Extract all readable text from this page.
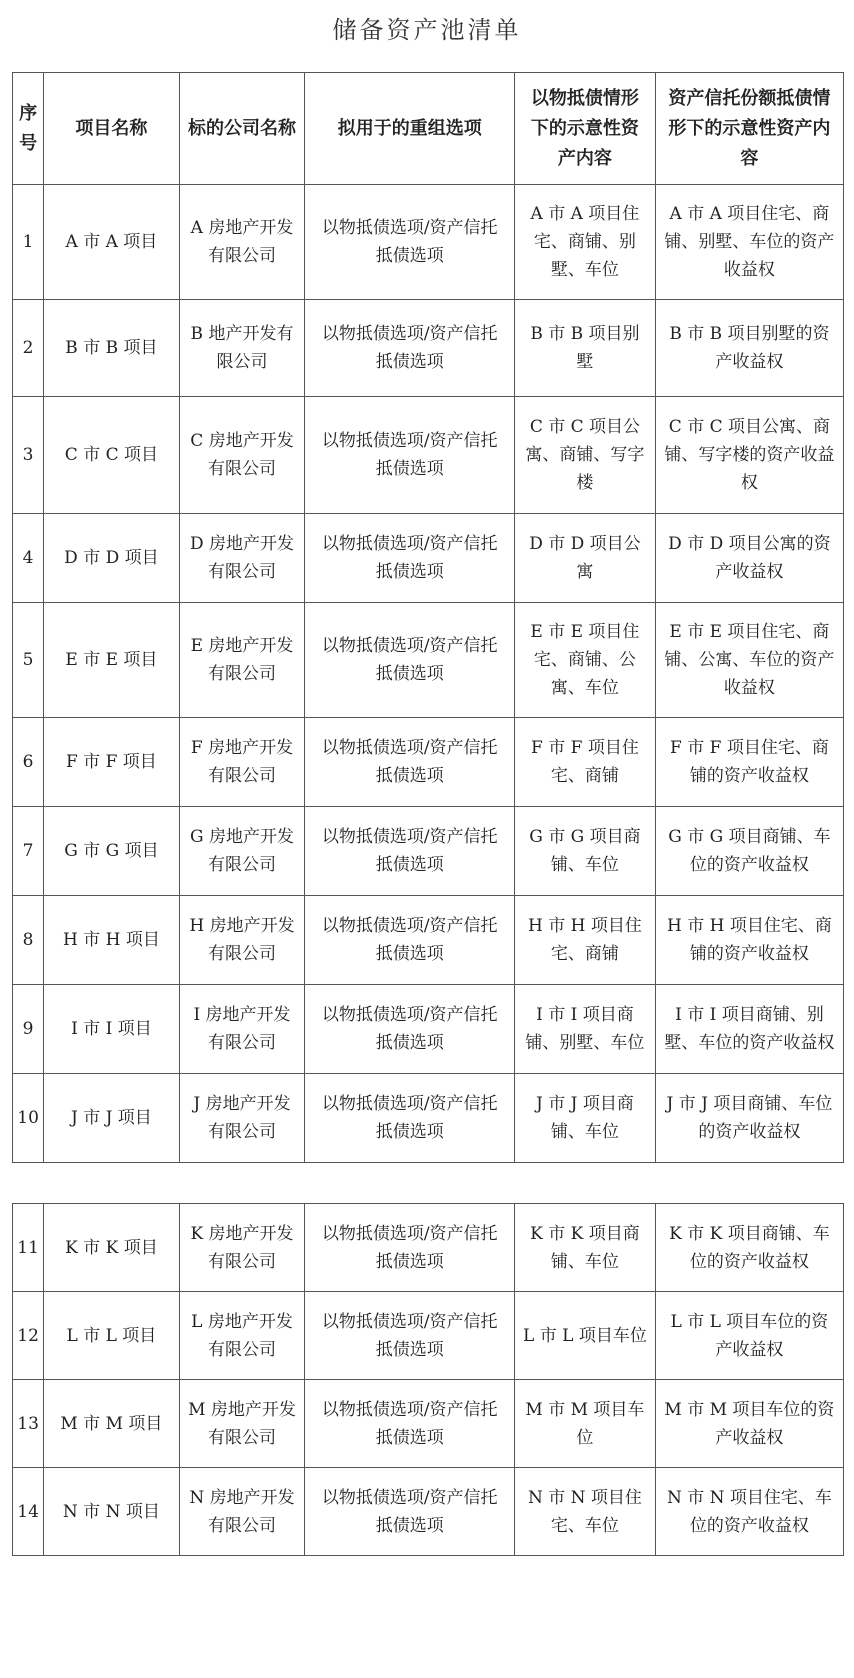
储备资产池清单
序号	项目名称	标的公司名称	拟用于的重组选项	以物抵债情形下的示意性资产内容	资产信托份额抵债情形下的示意性资产内容
1	A 市 A 项目	A 房地产开发有限公司	以物抵债选项/资产信托抵债选项	A 市 A 项目住宅、商铺、别墅、车位	A 市 A 项目住宅、商铺、别墅、车位的资产收益权
2	B 市 B 项目	B 地产开发有限公司	以物抵债选项/资产信托抵债选项	B 市 B 项目别墅	B 市 B 项目别墅的资产收益权
3	C 市 C 项目	C 房地产开发有限公司	以物抵债选项/资产信托抵债选项	C 市 C 项目公寓、商铺、写字楼	C 市 C 项目公寓、商铺、写字楼的资产收益权
4	D 市 D 项目	D 房地产开发有限公司	以物抵债选项/资产信托抵债选项	D 市 D 项目公寓	D 市 D 项目公寓的资产收益权
5	E 市 E 项目	E 房地产开发有限公司	以物抵债选项/资产信托抵债选项	E 市 E 项目住宅、商铺、公寓、车位	E 市 E 项目住宅、商铺、公寓、车位的资产收益权
6	F 市 F 项目	F 房地产开发有限公司	以物抵债选项/资产信托抵债选项	F 市 F 项目住宅、商铺	F 市 F 项目住宅、商铺的资产收益权
7	G 市 G 项目	G 房地产开发有限公司	以物抵债选项/资产信托抵债选项	G 市 G 项目商铺、车位	G 市 G 项目商铺、车位的资产收益权
8	H 市 H 项目	H 房地产开发有限公司	以物抵债选项/资产信托抵债选项	H 市 H 项目住宅、商铺	H 市 H 项目住宅、商铺的资产收益权
9	I 市 I 项目	I 房地产开发有限公司	以物抵债选项/资产信托抵债选项	I 市 I 项目商铺、别墅、车位	I 市 I 项目商铺、别墅、车位的资产收益权
10	J 市 J 项目	J 房地产开发有限公司	以物抵债选项/资产信托抵债选项	J 市 J 项目商铺、车位	J 市 J 项目商铺、车位的资产收益权
11	K 市 K 项目	K 房地产开发有限公司	以物抵债选项/资产信托抵债选项	K 市 K 项目商铺、车位	K 市 K 项目商铺、车位的资产收益权
12	L 市 L 项目	L 房地产开发有限公司	以物抵债选项/资产信托抵债选项	L 市 L 项目车位	L 市 L 项目车位的资产收益权
13	M 市 M 项目	M 房地产开发有限公司	以物抵债选项/资产信托抵债选项	M 市 M 项目车位	M 市 M 项目车位的资产收益权
14	N 市 N 项目	N 房地产开发有限公司	以物抵债选项/资产信托抵债选项	N 市 N 项目住宅、车位	N 市 N 项目住宅、车位的资产收益权
